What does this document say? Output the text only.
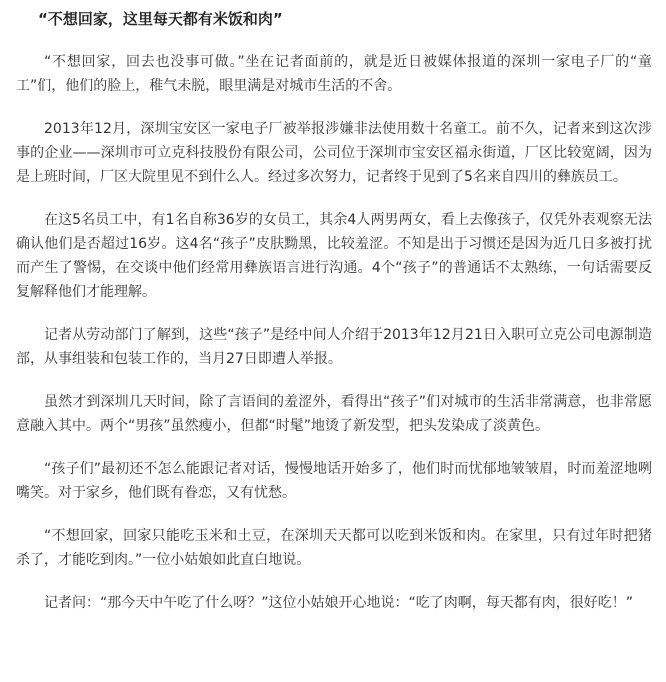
“不想回家，这里每天都有米饭和肉”

“不想回家，回去也没事可做。”坐在记者面前的，就是近日被媒体报道的深圳一家电子厂的“童工”们，他们的脸上，稚气未脱，眼里满是对城市生活的不舍。

2013年12月，深圳宝安区一家电子厂被举报涉嫌非法使用数十名童工。前不久，记者来到这次涉事的企业——深圳市可立克科技股份有限公司，公司位于深圳市宝安区福永街道，厂区比较宽阔，因为是上班时间，厂区大院里见不到什么人。经过多次努力，记者终于见到了5名来自四川的彝族员工。

在这5名员工中，有1名自称36岁的女员工，其余4人两男两女，看上去像孩子，仅凭外表观察无法确认他们是否超过16岁。这4名“孩子”皮肤黝黑，比较羞涩。不知是出于习惯还是因为近几日多被打扰而产生了警惕，在交谈中他们经常用彝族语言进行沟通。4个“孩子”的普通话不太熟练，一句话需要反复解释他们才能理解。

记者从劳动部门了解到，这些“孩子”是经中间人介绍于2013年12月21日入职可立克公司电源制造部，从事组装和包装工作的，当月27日即遭人举报。

虽然才到深圳几天时间，除了言语间的羞涩外，看得出“孩子”们对城市的生活非常满意，也非常愿意融入其中。两个“男孩”虽然瘦小，但都“时髦”地烫了新发型，把头发染成了淡黄色。

“孩子们”最初还不怎么能跟记者对话，慢慢地话开始多了，他们时而忧郁地皱皱眉，时而羞涩地咧嘴笑。对于家乡，他们既有眷恋，又有忧愁。

“不想回家，回家只能吃玉米和土豆，在深圳天天都可以吃到米饭和肉。在家里，只有过年时把猪杀了，才能吃到肉。”一位小姑娘如此直白地说。

记者问：“那今天中午吃了什么呀？”这位小姑娘开心地说：“吃了肉啊，每天都有肉，很好吃！”
